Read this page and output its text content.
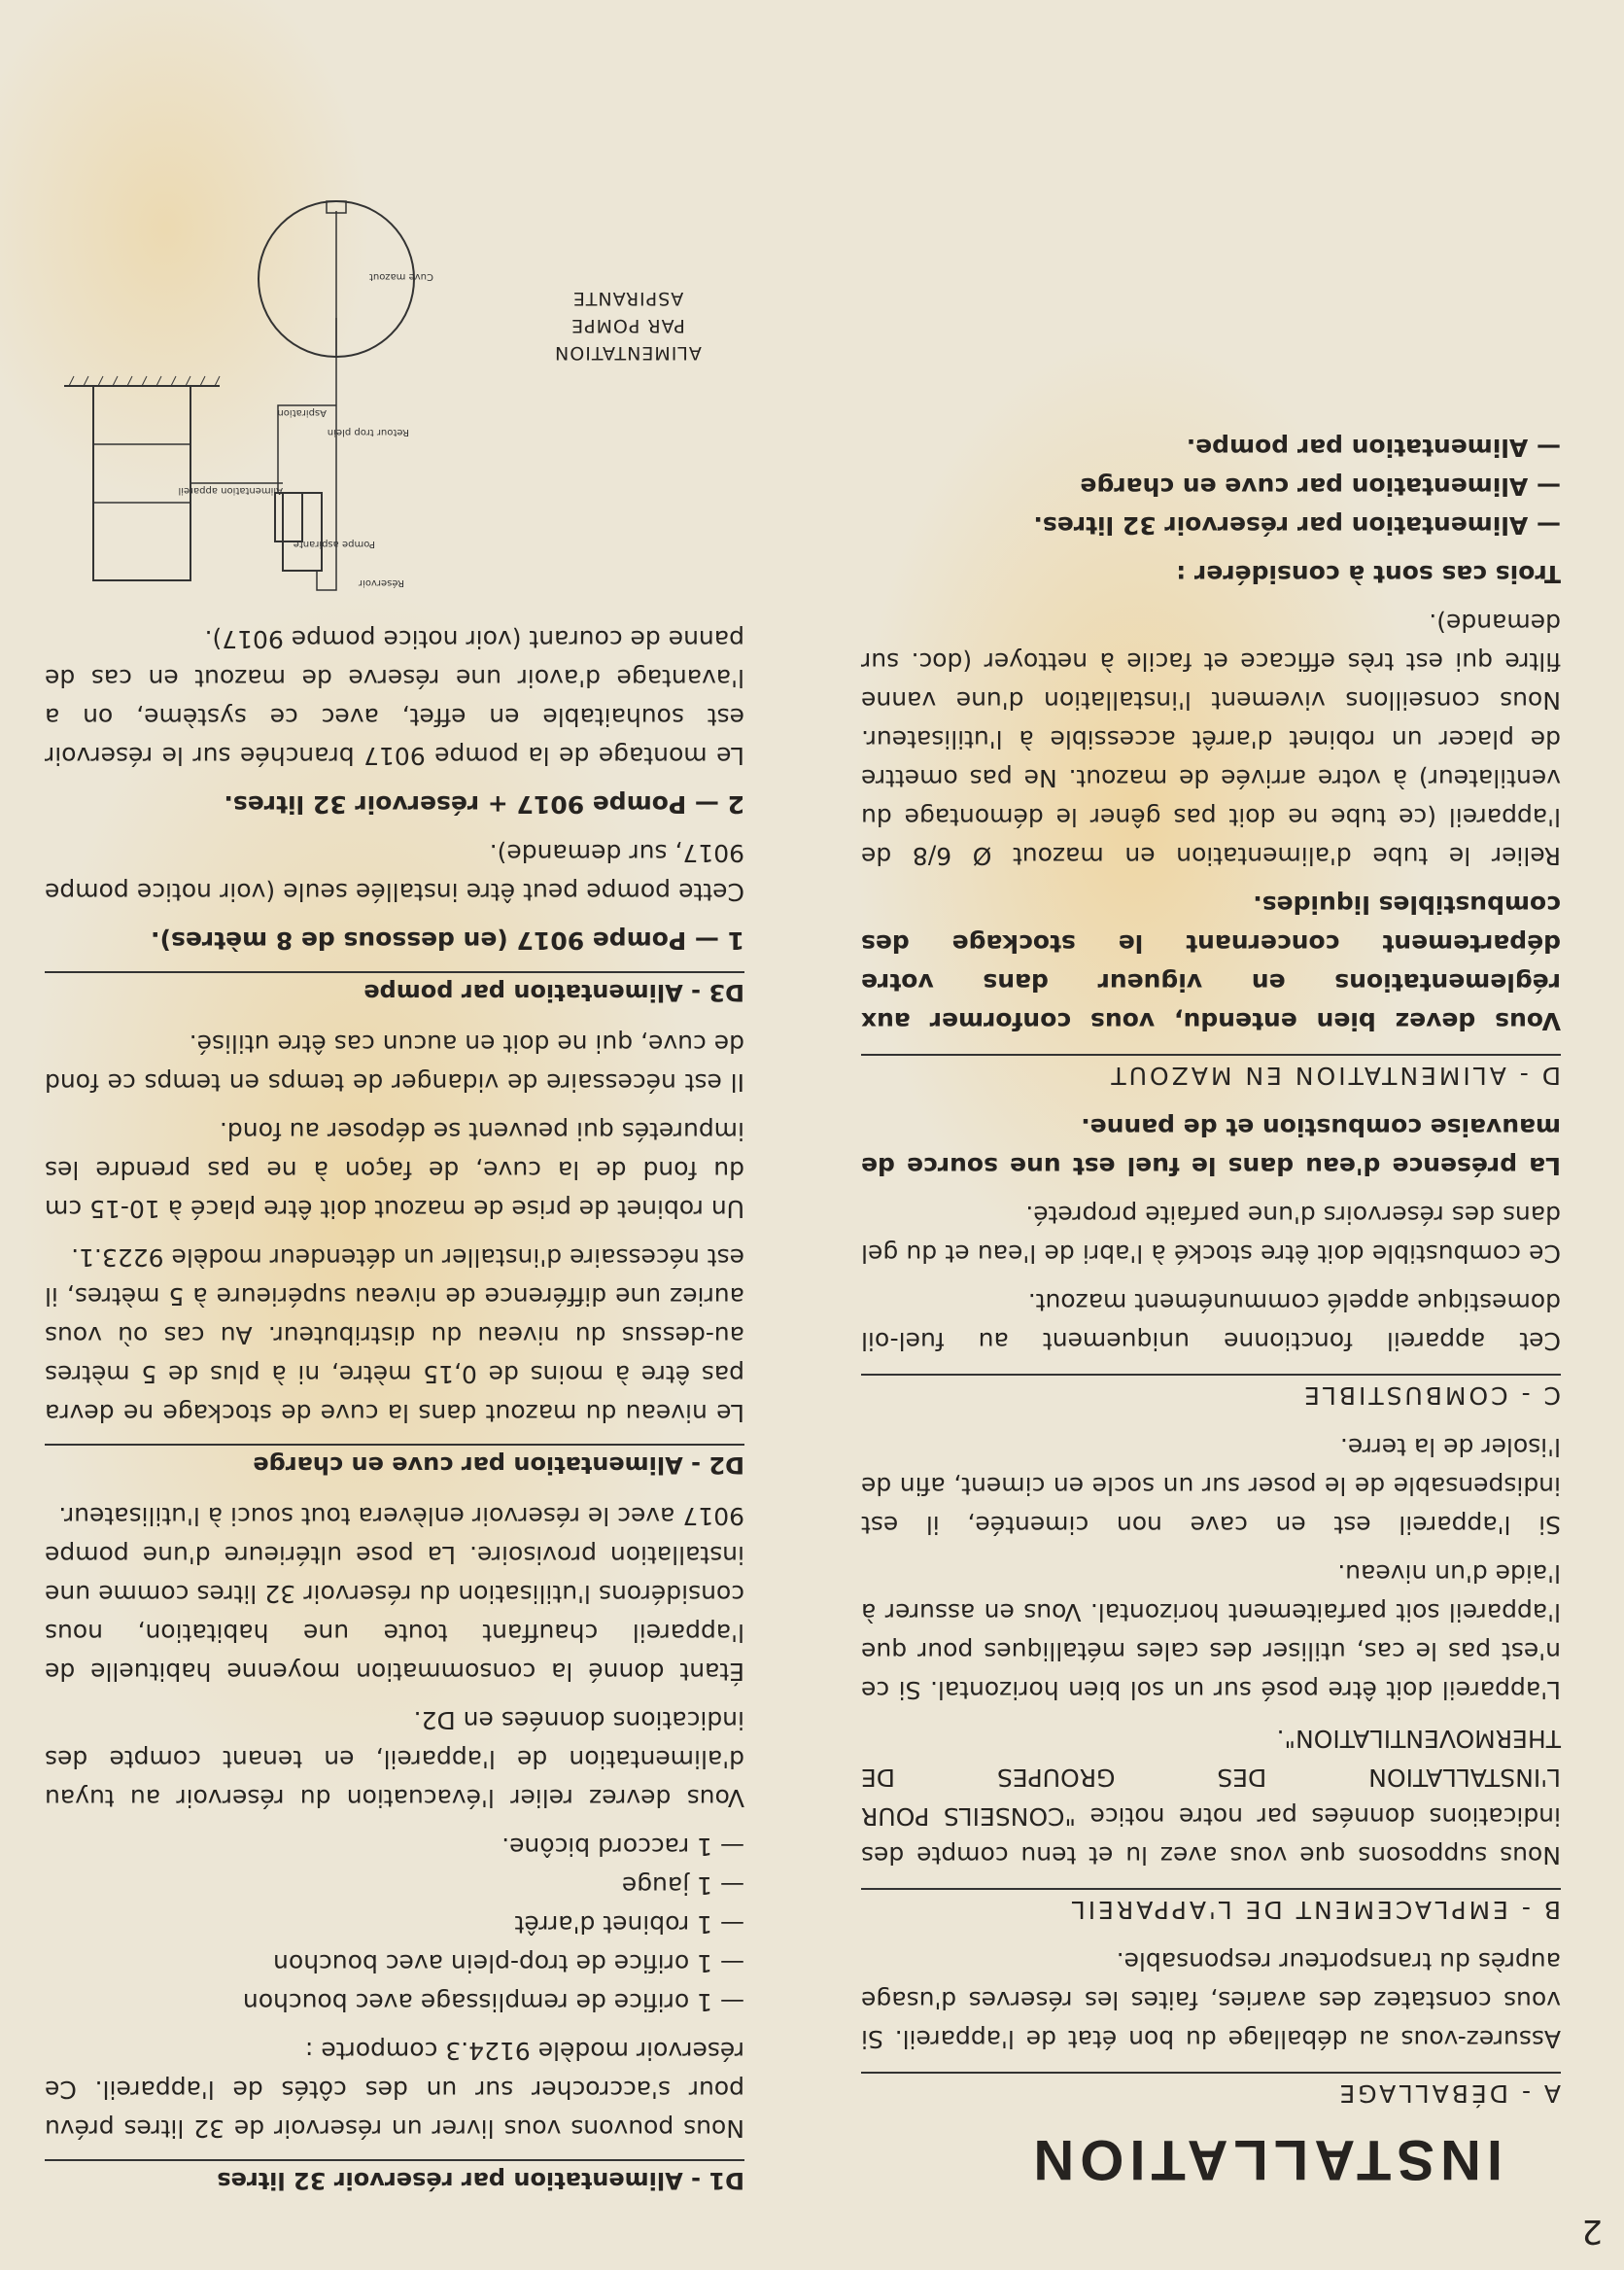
2
INSTALLATION
A - DÉBALLAGE

Assurez-vous au déballage du bon état de l'appareil. Si vous constatez des avaries, faites les réserves d'usage auprès du transporteur responsable.

B - EMPLACEMENT DE L'APPAREIL

Nous supposons que vous avez lu et tenu compte des indications données par notre notice "CONSEILS POUR L'INSTALLATION DES GROUPES DE THERMOVENTILATION".

L'appareil doit être posé sur un sol bien horizontal. Si ce n'est pas le cas, utiliser des cales métalliques pour que l'appareil soit parfaitement horizontal. Vous en assurer à l'aide d'un niveau.

Si l'appareil est en cave non cimentée, il est indispensable de le poser sur un socle en ciment, afin de l'isoler de la terre.

C - COMBUSTIBLE

Cet appareil fonctionne uniquement au fuel-oil domestique appelé communément mazout.

Ce combustible doit être stocké à l'abri de l'eau et du gel dans des réservoirs d'une parfaite propreté.

La présence d'eau dans le fuel est une source de mauvaise combustion et de panne.

D - ALIMENTATION EN MAZOUT

Vous devez bien entendu, vous conformer aux réglementations en vigueur dans votre département concernant le stockage des combustibles liquides.

Relier le tube d'alimentation en mazout Ø 6/8 de l'appareil (ce tube ne doit pas gêner le démontage du ventilateur) à votre arrivée de mazout. Ne pas omettre de placer un robinet d'arrêt accessible à l'utilisateur. Nous conseillons vivement l'installation d'une vanne filtre qui est très efficace et facile à nettoyer (doc. sur demande).

Trois cas sont à considérer :

— Alimentation par réservoir 32 litres.
— Alimentation par cuve en charge
— Alimentation par pompe.
D1 - Alimentation par réservoir 32 litres

Nous pouvons vous livrer un réservoir de 32 litres prévu pour s'accrocher sur un des côtés de l'appareil. Ce réservoir modèle 9124.3 comporte :

— 1 orifice de remplissage avec bouchon
— 1 orifice de trop-plein avec bouchon
— 1 robinet d'arrêt
— 1 jauge
— 1 raccord bicône.

Vous devrez relier l'évacuation du réservoir au tuyau d'alimentation de l'appareil, en tenant compte des indications données en D2.

Étant donné la consommation moyenne habituelle de l'appareil chauffant toute une habitation, nous considérons l'utilisation du réservoir 32 litres comme une installation provisoire. La pose ultérieure d'une pompe 9017 avec le réservoir enlèvera tout souci à l'utilisateur.

D2 - Alimentation par cuve en charge

Le niveau du mazout dans la cuve de stockage ne devra pas être à moins de 0,15 mètre, ni à plus de 5 mètres au-dessus du niveau du distributeur. Au cas où vous auriez une différence de niveau supérieure à 5 mètres, il est nécessaire d'installer un détendeur modèle 9223.1.

Un robinet de prise de mazout doit être placé à 10-15 cm du fond de la cuve, de façon à ne pas prendre les impuretés qui peuvent se déposer au fond.

Il est nécessaire de vidanger de temps en temps ce fond de cuve, qui ne doit en aucun cas être utilisé.

D3 - Alimentation par pompe

1 — Pompe 9017 (en dessous de 8 mètres).

Cette pompe peut être installée seule (voir notice pompe 9017, sur demande).

2 — Pompe 9017 + réservoir 32 litres.

Le montage de la pompe 9017 branchée sur le réservoir est souhaitable en effet, avec ce système, on a l'avantage d'avoir une réserve de mazout en cas de panne de courant (voir notice pompe 9017).

Réservoir
Pompe aspirante
Alimentation appareil
Retour trop plein
Aspiration
Cuve mazout
ALIMENTATION
PAR POMPE
ASPIRANTE
